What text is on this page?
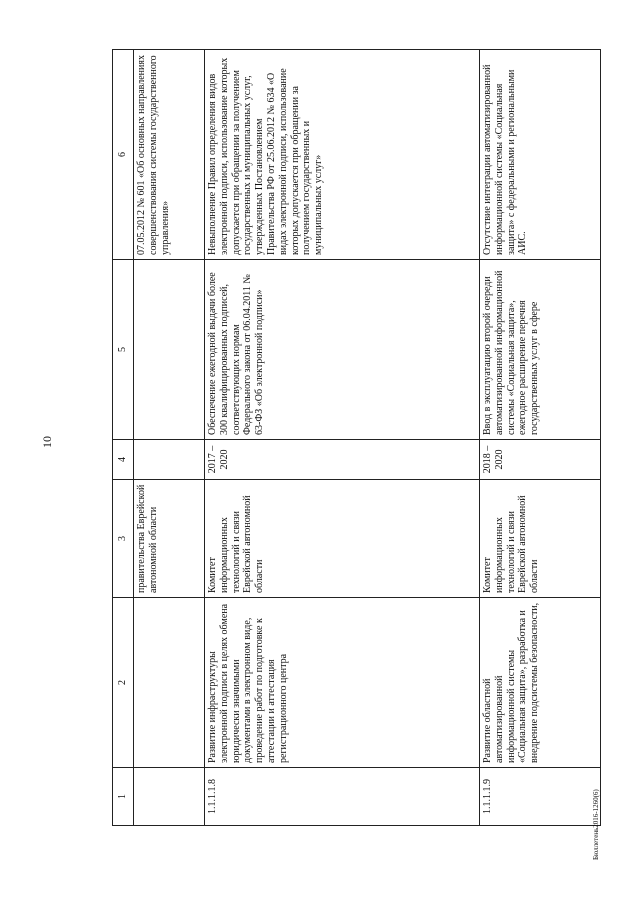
10
1	2	3	4	5	6
		правительства Еврейской автономной области			07.05.2012 № 601 «Об основных направлениях совершенствования системы государственного управления»
1.1.1.1.8	Развитие инфраструктуры электронной подписи в целях обмена юридически значимыми документами в электронном виде, проведение работ по подготовке к аттестации и аттестация регистрационного центра	Комитет информационных технологий и связи Еврейской автономной области	2017 – 2020	Обеспечение ежегодной выдачи более 300 квалифицированных подписей, соответствующих нормам Федерального закона от 06.04.2011 № 63-ФЗ «Об электронной подписи»	Невыполнение Правил определения видов электронной подписи, использование которых допускается при обращении за получением государственных и муниципальных услуг, утвержденных Постановлением Правительства РФ от 25.06.2012 № 634 «О видах электронной подписи, использование которых допускается при обращении за получением государственных и муниципальных услуг»
1.1.1.1.9	Развитие областной автоматизированной информационной системы «Социальная защита», разработка и внедрение подсистемы безопасности,	Комитет информационных технологий и связи Еврейской автономной области	2018 – 2020	Ввод в эксплуатацию второй очереди автоматизированной информационной системы «Социальная защита», ежегодное расширение перечня государственных услуг в сфере	Отсутствие интеграции автоматизированной информационной системы «Социальная защита» с федеральными и региональными АИС.
Бюллетень2016-1260(6)
